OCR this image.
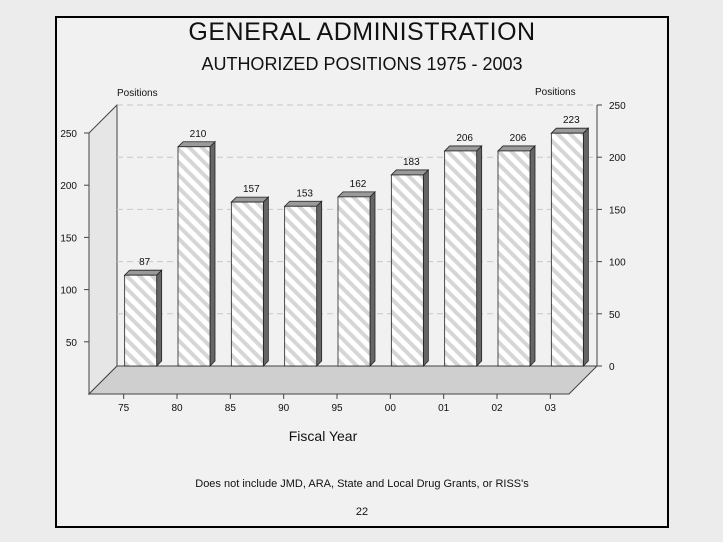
GENERAL ADMINISTRATION
AUTHORIZED POSITIONS 1975 - 2003
87
210
157	153
162
183
206	206
223
75	80	85	90	95	00	01	02	03
0
50
100
150
200
250
50
100
150
200
250
Positions	Positions
Fiscal Year
Does not include JMD, ARA, State and Local Drug Grants, or RISS's
22
